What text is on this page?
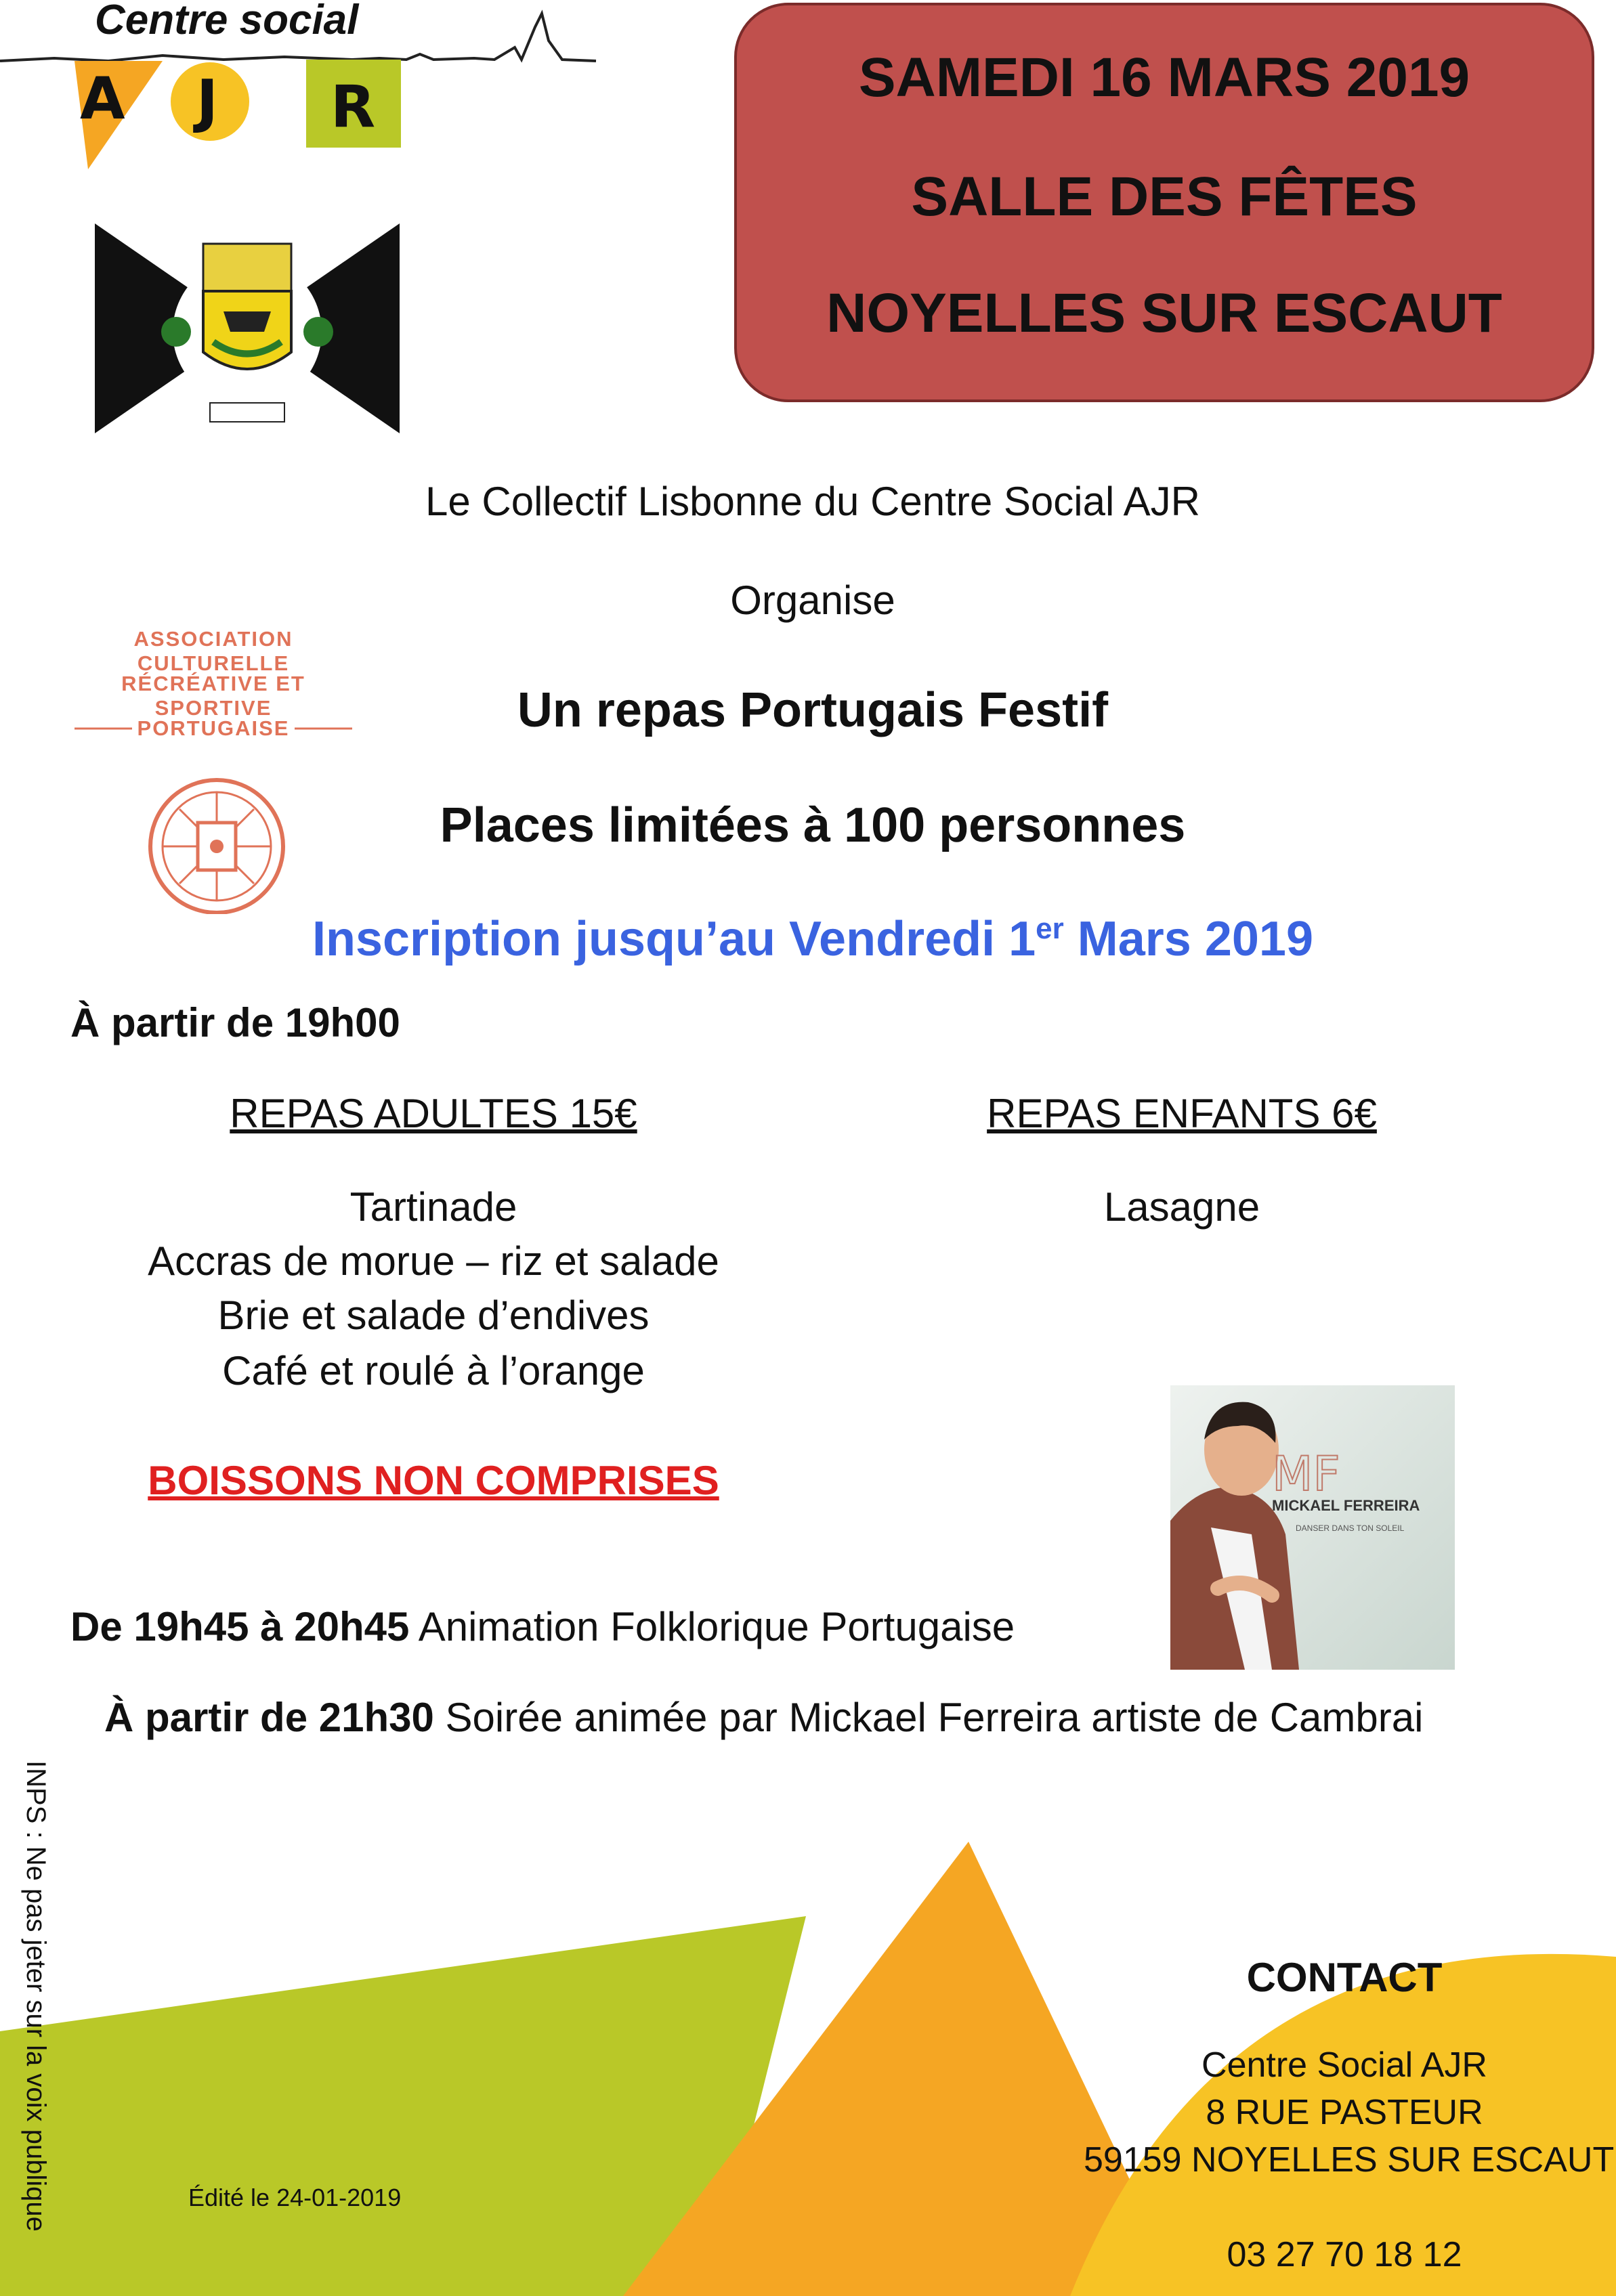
Centre social
A J R	SAMEDI 16 MARS 2019
SALLE DES FÊTES
NOYELLES SUR ESCAUT
ASSOCIATION CULTURELLE
RÉCRÉATIVE ET SPORTIVE
PORTUGAISE
Le Collectif Lisbonne du Centre Social AJR
Organise
Un repas Portugais Festif
Places limitées à 100 personnes
Inscription jusqu’au Vendredi 1er Mars 2019
À partir de 19h00
REPAS ADULTES 15€	REPAS ENFANTS 6€
Tartinade
Accras de morue – riz et salade
Brie et salade d’endives
Café et roulé à l’orange
Lasagne
BOISSONS NON COMPRISES	MF
MICKAEL FERREIRA
DANSER DANS TON SOLEIL
De 19h45 à 20h45 Animation Folklorique Portugaise
À partir de 21h30 Soirée animée par Mickael Ferreira artiste de Cambrai
INPS : Ne pas jeter sur la voix publique	Édité le 24-01-2019
CONTACT
Centre Social AJR
8 RUE PASTEUR
59159 NOYELLES SUR ESCAUT
03 27 70 18 12
